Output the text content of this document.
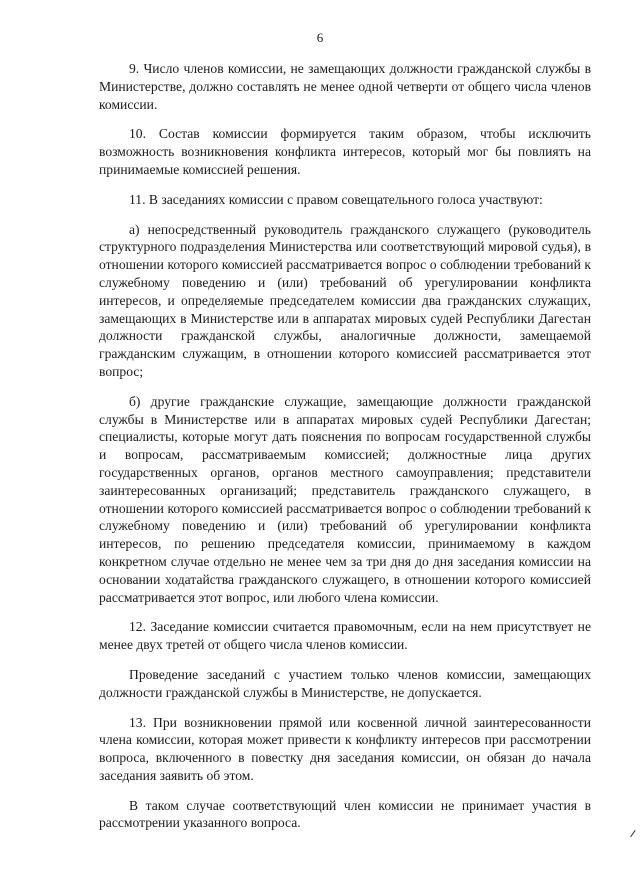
6

9. Число членов комиссии, не замещающих должности гражданской службы в Министерстве, должно составлять не менее одной четверти от общего числа членов комиссии.

10. Состав комиссии формируется таким образом, чтобы исключить возможность возникновения конфликта интересов, который мог бы повлиять на принимаемые комиссией решения.

11. В заседаниях комиссии с правом совещательного голоса участвуют:

а) непосредственный руководитель гражданского служащего (руководитель структурного подразделения Министерства или соответствующий мировой судья), в отношении которого комиссией рассматривается вопрос о соблюдении требований к служебному поведению и (или) требований об урегулировании конфликта интересов, и определяемые председателем комиссии два гражданских служащих, замещающих в Министерстве или в аппаратах мировых судей Республики Дагестан должности гражданской службы, аналогичные должности, замещаемой гражданским служащим, в отношении которого комиссией рассматривается этот вопрос;

б) другие гражданские служащие, замещающие должности гражданской службы в Министерстве или в аппаратах мировых судей Республики Дагестан; специалисты, которые могут дать пояснения по вопросам государственной службы и вопросам, рассматриваемым комиссией; должностные лица других государственных органов, органов местного самоуправления; представители заинтересованных организаций; представитель гражданского служащего, в отношении которого комиссией рассматривается вопрос о соблюдении требований к служебному поведению и (или) требований об урегулировании конфликта интересов, по решению председателя комиссии, принимаемому в каждом конкретном случае отдельно не менее чем за три дня до дня заседания комиссии на основании ходатайства гражданского служащего, в отношении которого комиссией рассматривается этот вопрос, или любого члена комиссии.

12. Заседание комиссии считается правомочным, если на нем присутствует не менее двух третей от общего числа членов комиссии.

Проведение заседаний с участием только членов комиссии, замещающих должности гражданской службы в Министерстве, не допускается.

13. При возникновении прямой или косвенной личной заинтересованности члена комиссии, которая может привести к конфликту интересов при рассмотрении вопроса, включенного в повестку дня заседания комиссии, он обязан до начала заседания заявить об этом.

В таком случае соответствующий член комиссии не принимает участия в рассмотрении указанного вопроса.
